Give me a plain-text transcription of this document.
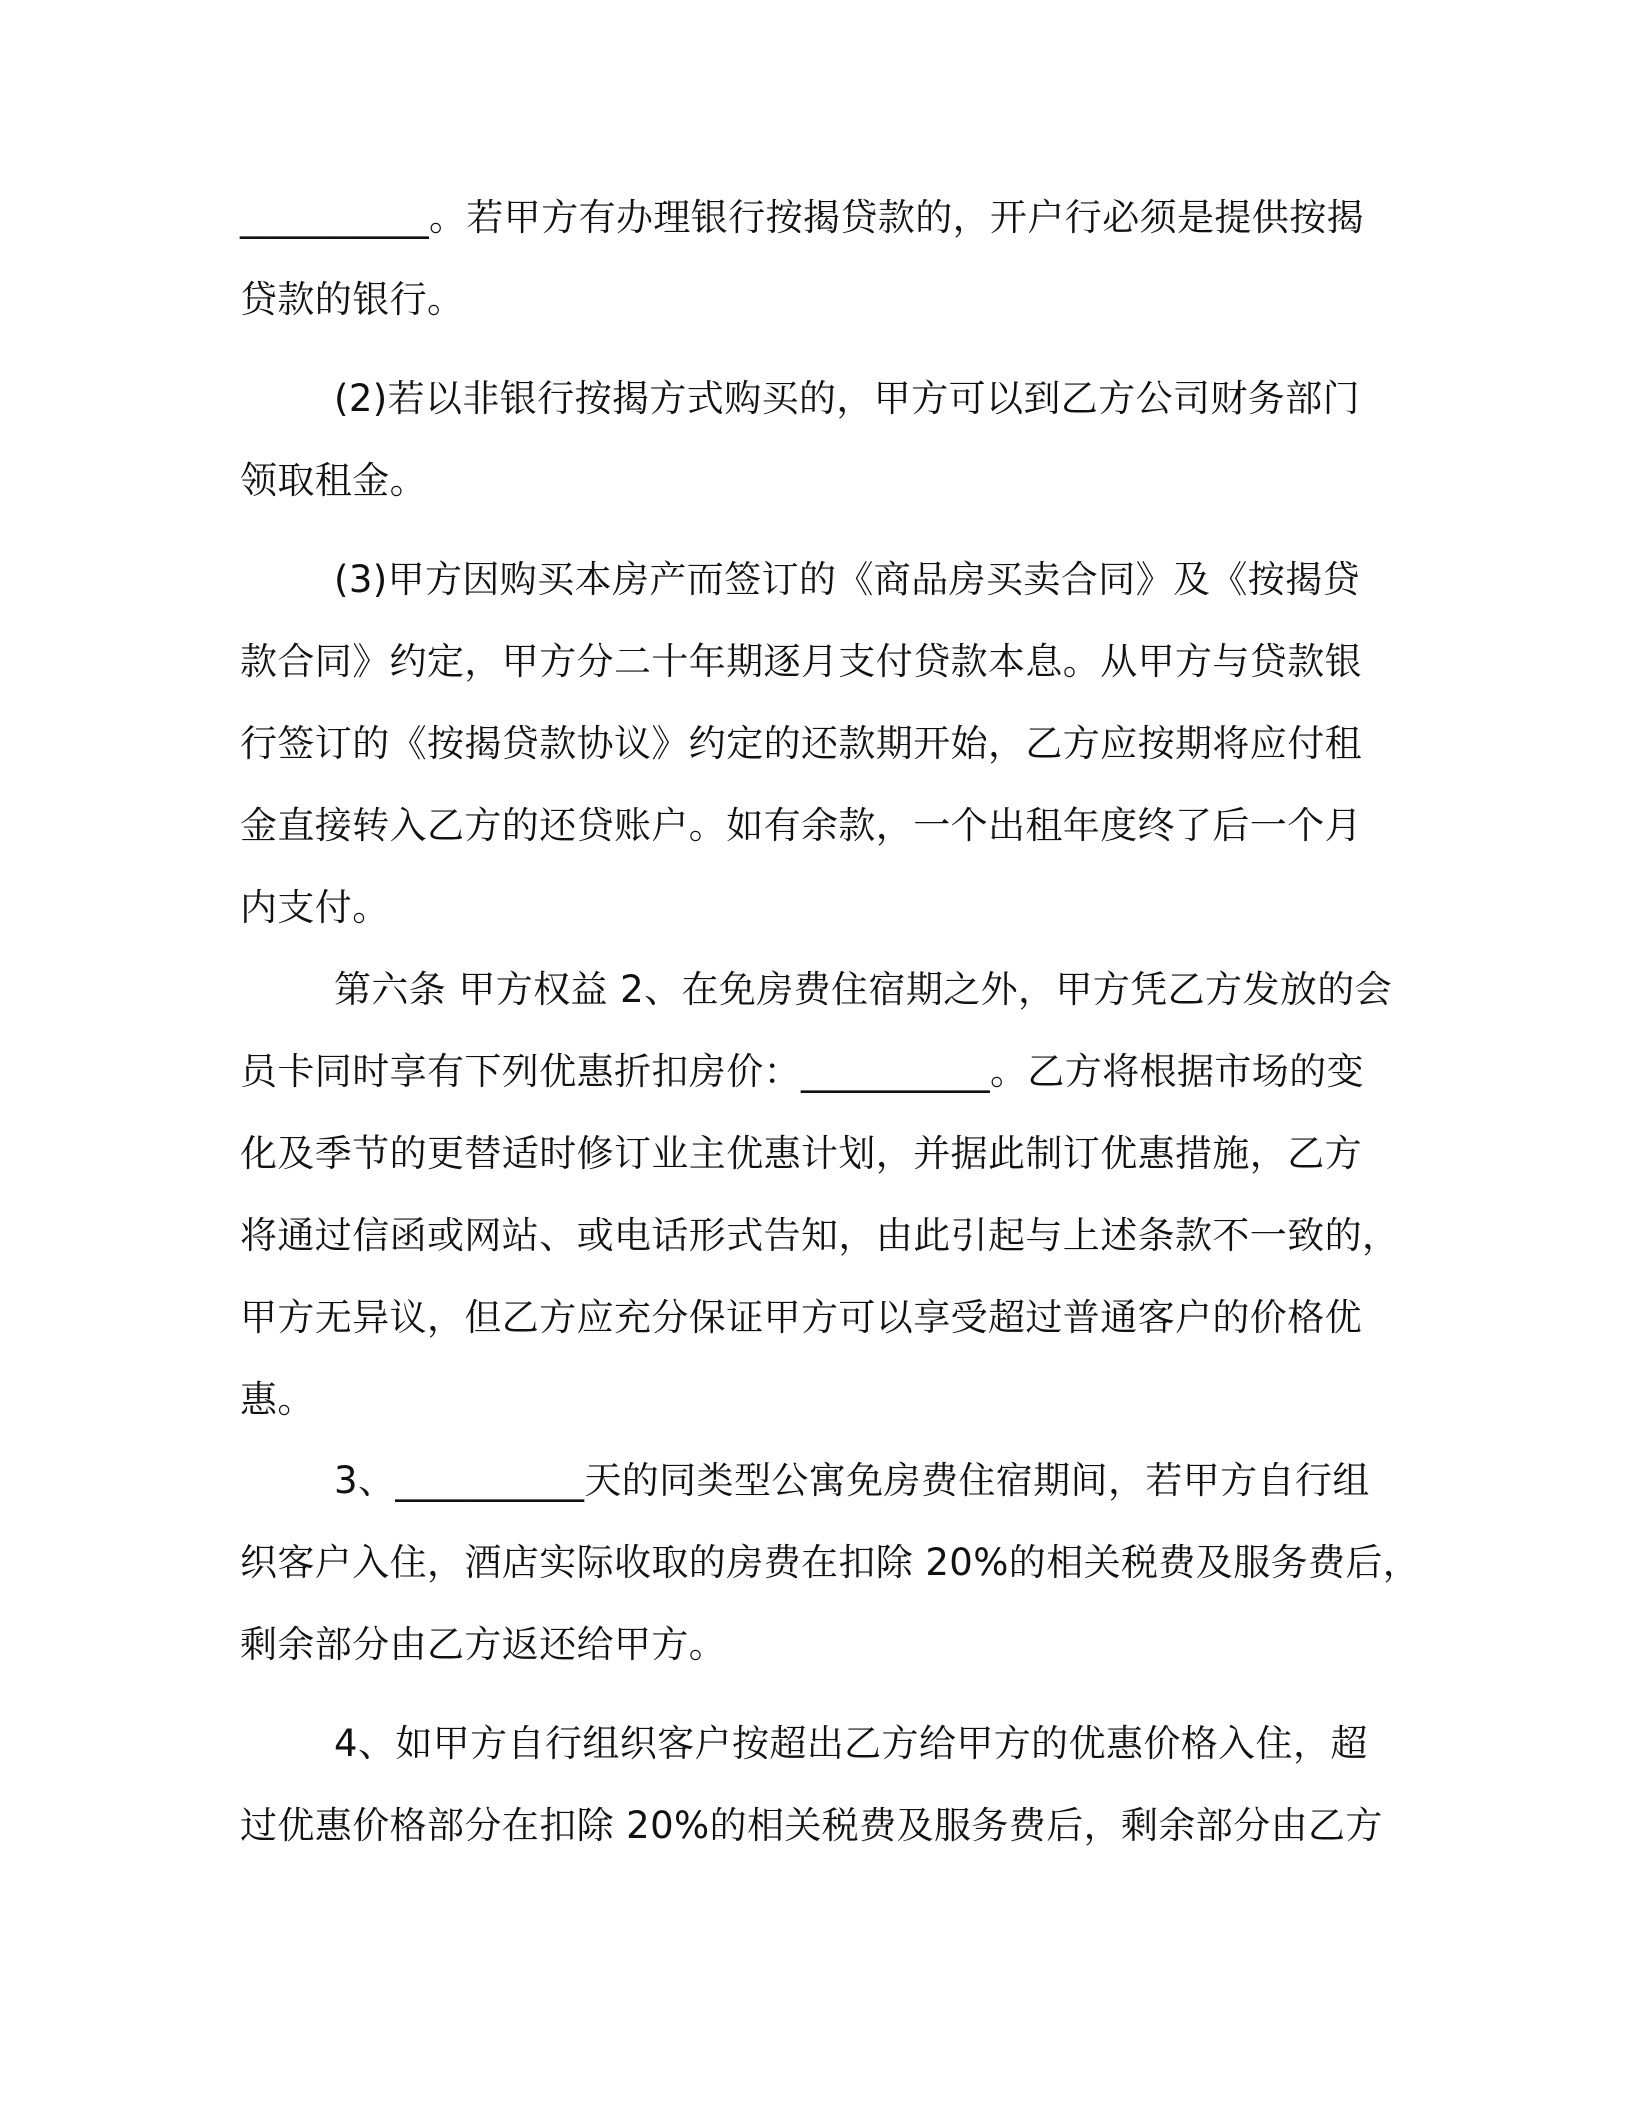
__________。若甲方有办理银行按揭贷款的，开户行必须是提供按揭
贷款的银行。
(2)若以非银行按揭方式购买的，甲方可以到乙方公司财务部门
领取租金。
(3)甲方因购买本房产而签订的《商品房买卖合同》及《按揭贷
款合同》约定，甲方分二十年期逐月支付贷款本息。从甲方与贷款银
行签订的《按揭贷款协议》约定的还款期开始，乙方应按期将应付租
金直接转入乙方的还贷账户。如有余款，一个出租年度终了后一个月
内支付。
第六条 甲方权益 2、在免房费住宿期之外，甲方凭乙方发放的会
员卡同时享有下列优惠折扣房价：__________。乙方将根据市场的变
化及季节的更替适时修订业主优惠计划，并据此制订优惠措施，乙方
将通过信函或网站、或电话形式告知，由此引起与上述条款不一致的，
甲方无异议，但乙方应充分保证甲方可以享受超过普通客户的价格优
惠。
3、__________天的同类型公寓免房费住宿期间，若甲方自行组
织客户入住，酒店实际收取的房费在扣除 20%的相关税费及服务费后，
剩余部分由乙方返还给甲方。
4、如甲方自行组织客户按超出乙方给甲方的优惠价格入住，超
过优惠价格部分在扣除 20%的相关税费及服务费后，剩余部分由乙方
